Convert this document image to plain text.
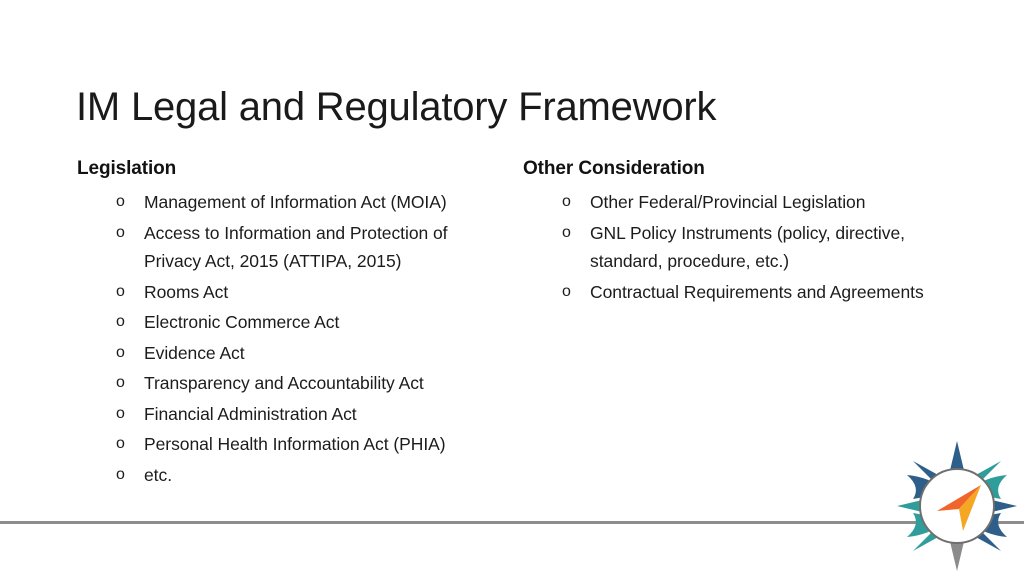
IM Legal and Regulatory Framework
Legislation
o Management of Information Act (MOIA)
o Access to Information and Protection of Privacy Act, 2015 (ATTIPA, 2015)
o Rooms Act
o Electronic Commerce Act
o Evidence Act
o Transparency and Accountability Act
o Financial Administration Act
o Personal Health Information Act (PHIA)
o etc.
Other Consideration
o Other Federal/Provincial Legislation
o GNL Policy Instruments (policy, directive, standard, procedure, etc.)
o Contractual Requirements and Agreements
